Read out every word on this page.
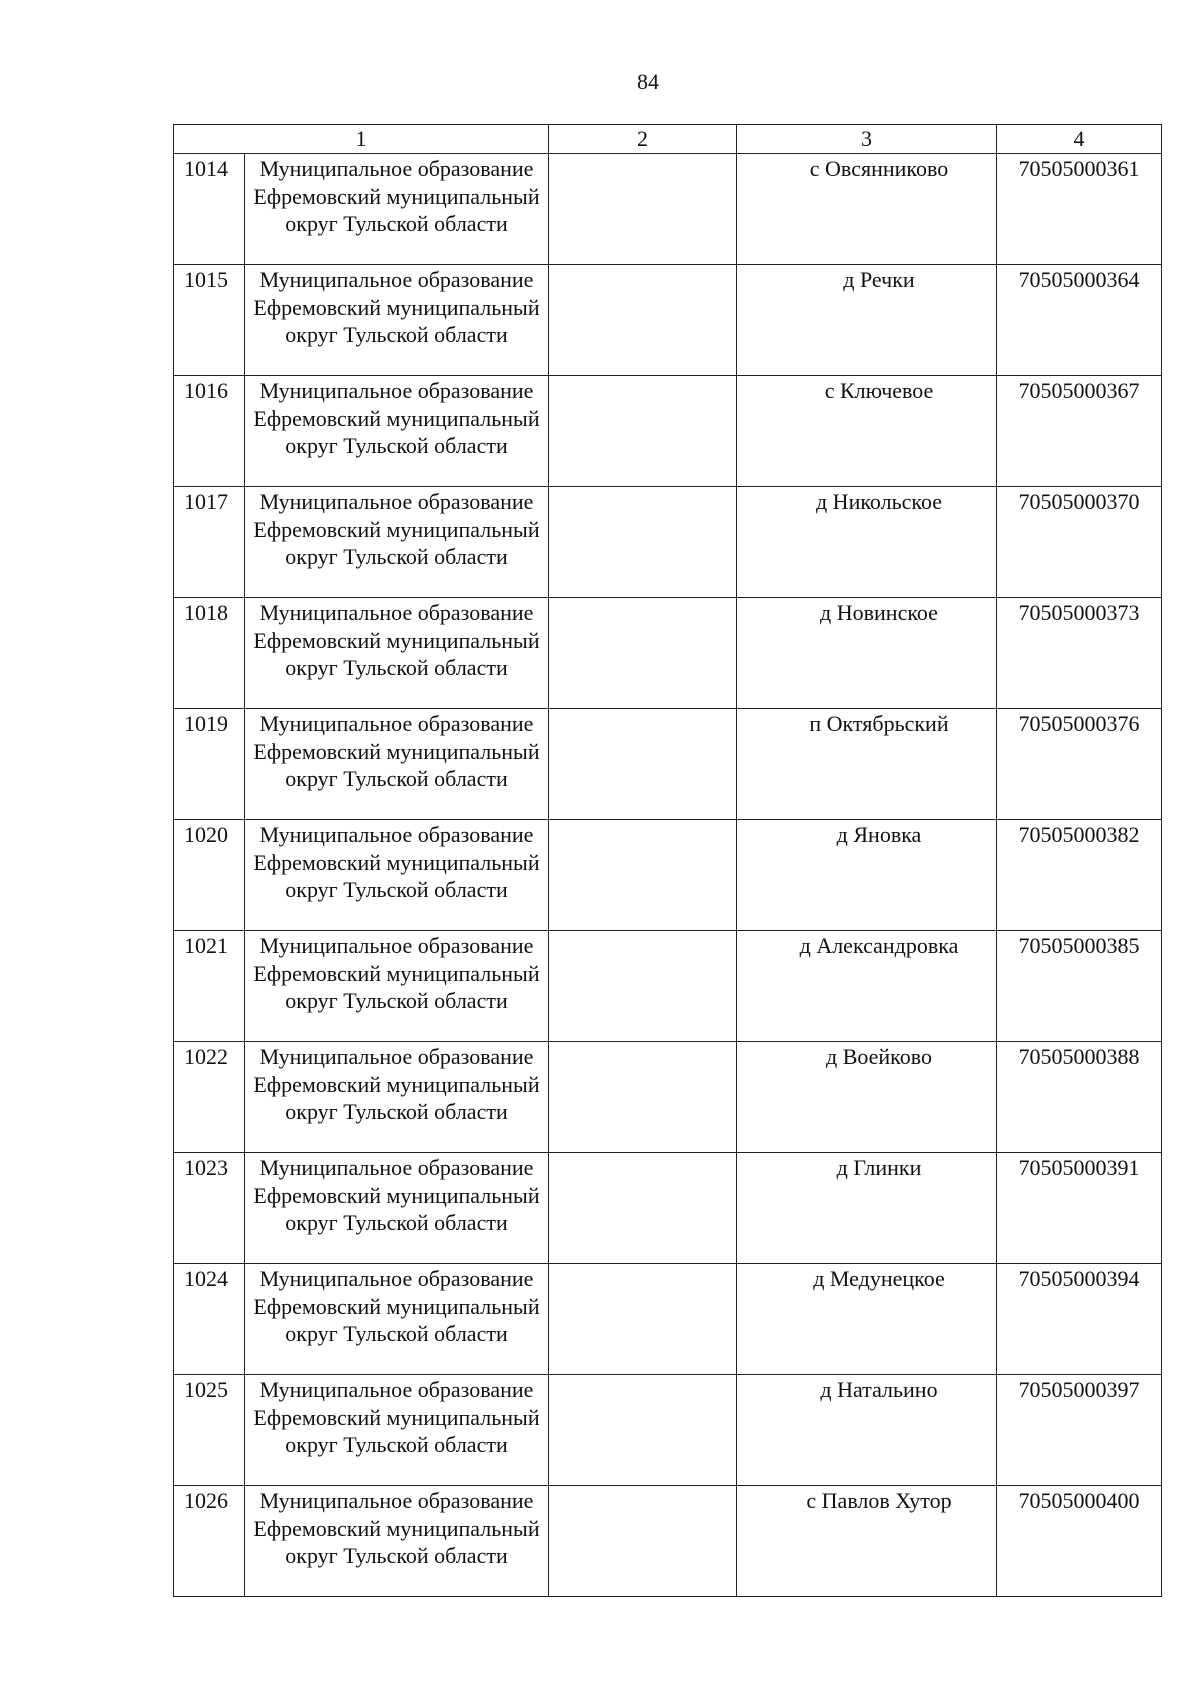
84
1		2	3	4

1014	Муниципальное образование Ефремовский муниципальный округ Тульской области		с Овсянниково	70505000361

1015	Муниципальное образование Ефремовский муниципальный округ Тульской области		д Речки	70505000364

1016	Муниципальное образование Ефремовский муниципальный округ Тульской области		с Ключевое	70505000367

1017	Муниципальное образование Ефремовский муниципальный округ Тульской области		д Никольское	70505000370

1018	Муниципальное образование Ефремовский муниципальный округ Тульской области		д Новинское	70505000373

1019	Муниципальное образование Ефремовский муниципальный округ Тульской области		п Октябрьский	70505000376

1020	Муниципальное образование Ефремовский муниципальный округ Тульской области		д Яновка	70505000382

1021	Муниципальное образование Ефремовский муниципальный округ Тульской области		д Александровка	70505000385

1022	Муниципальное образование Ефремовский муниципальный округ Тульской области		д Воейково	70505000388

1023	Муниципальное образование Ефремовский муниципальный округ Тульской области		д Глинки	70505000391

1024	Муниципальное образование Ефремовский муниципальный округ Тульской области		д Медунецкое	70505000394

1025	Муниципальное образование Ефремовский муниципальный округ Тульской области		д Натальино	70505000397

1026	Муниципальное образование Ефремовский муниципальный округ Тульской области		с Павлов Хутор	70505000400
